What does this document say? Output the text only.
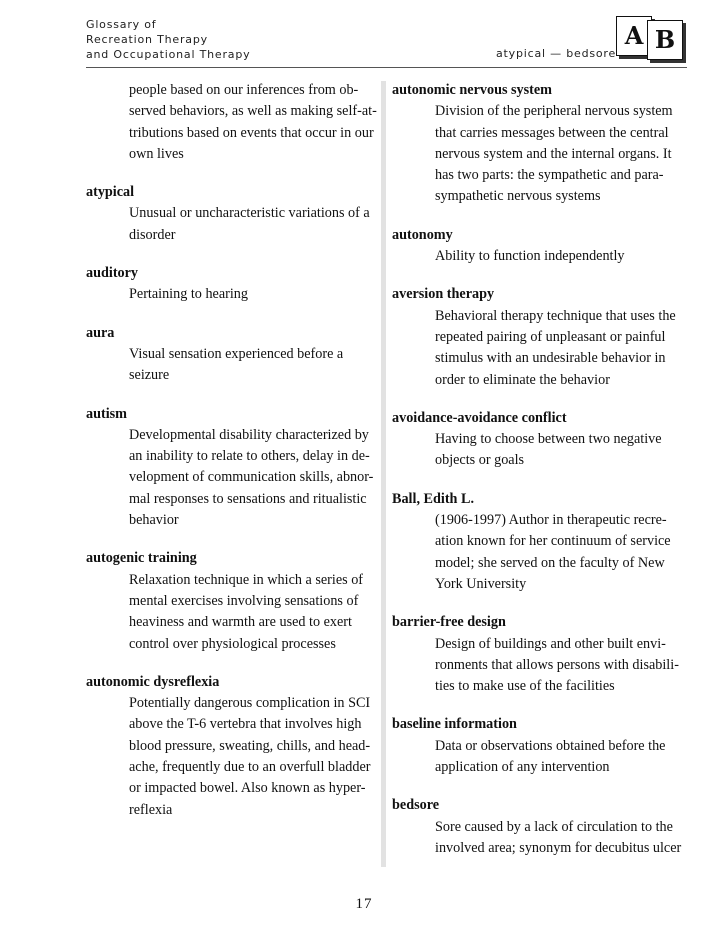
Glossary of
Recreation Therapy
and Occupational Therapy	atypical — bedsore
A B
people based on our inferences from ob-
served behaviors, as well as making self-at-
tributions based on events that occur in our
own lives
atypical
Unusual or uncharacteristic variations of a
disorder
auditory
Pertaining to hearing
aura
Visual sensation experienced before a
seizure
autism
Developmental disability characterized by
an inability to relate to others, delay in de-
velopment of communication skills, abnor-
mal responses to sensations and ritualistic
behavior
autogenic training
Relaxation technique in which a series of
mental exercises involving sensations of
heaviness and warmth are used to exert
control over physiological processes
autonomic dysreflexia
Potentially dangerous complication in SCI
above the T-6 vertebra that involves high
blood pressure, sweating, chills, and head-
ache, frequently due to an overfull bladder
or impacted bowel. Also known as hyper-
reflexia
autonomic nervous system
Division of the peripheral nervous system
that carries messages between the central
nervous system and the internal organs. It
has two parts: the sympathetic and para-
sympathetic nervous systems
autonomy
Ability to function independently
aversion therapy
Behavioral therapy technique that uses the
repeated pairing of unpleasant or painful
stimulus with an undesirable behavior in
order to eliminate the behavior
avoidance-avoidance conflict
Having to choose between two negative
objects or goals
Ball, Edith L.
(1906-1997) Author in therapeutic recre-
ation known for her continuum of service
model; she served on the faculty of New
York University
barrier-free design
Design of buildings and other built envi-
ronments that allows persons with disabili-
ties to make use of the facilities
baseline information
Data or observations obtained before the
application of any intervention
bedsore
Sore caused by a lack of circulation to the
involved area; synonym for decubitus ulcer
17
